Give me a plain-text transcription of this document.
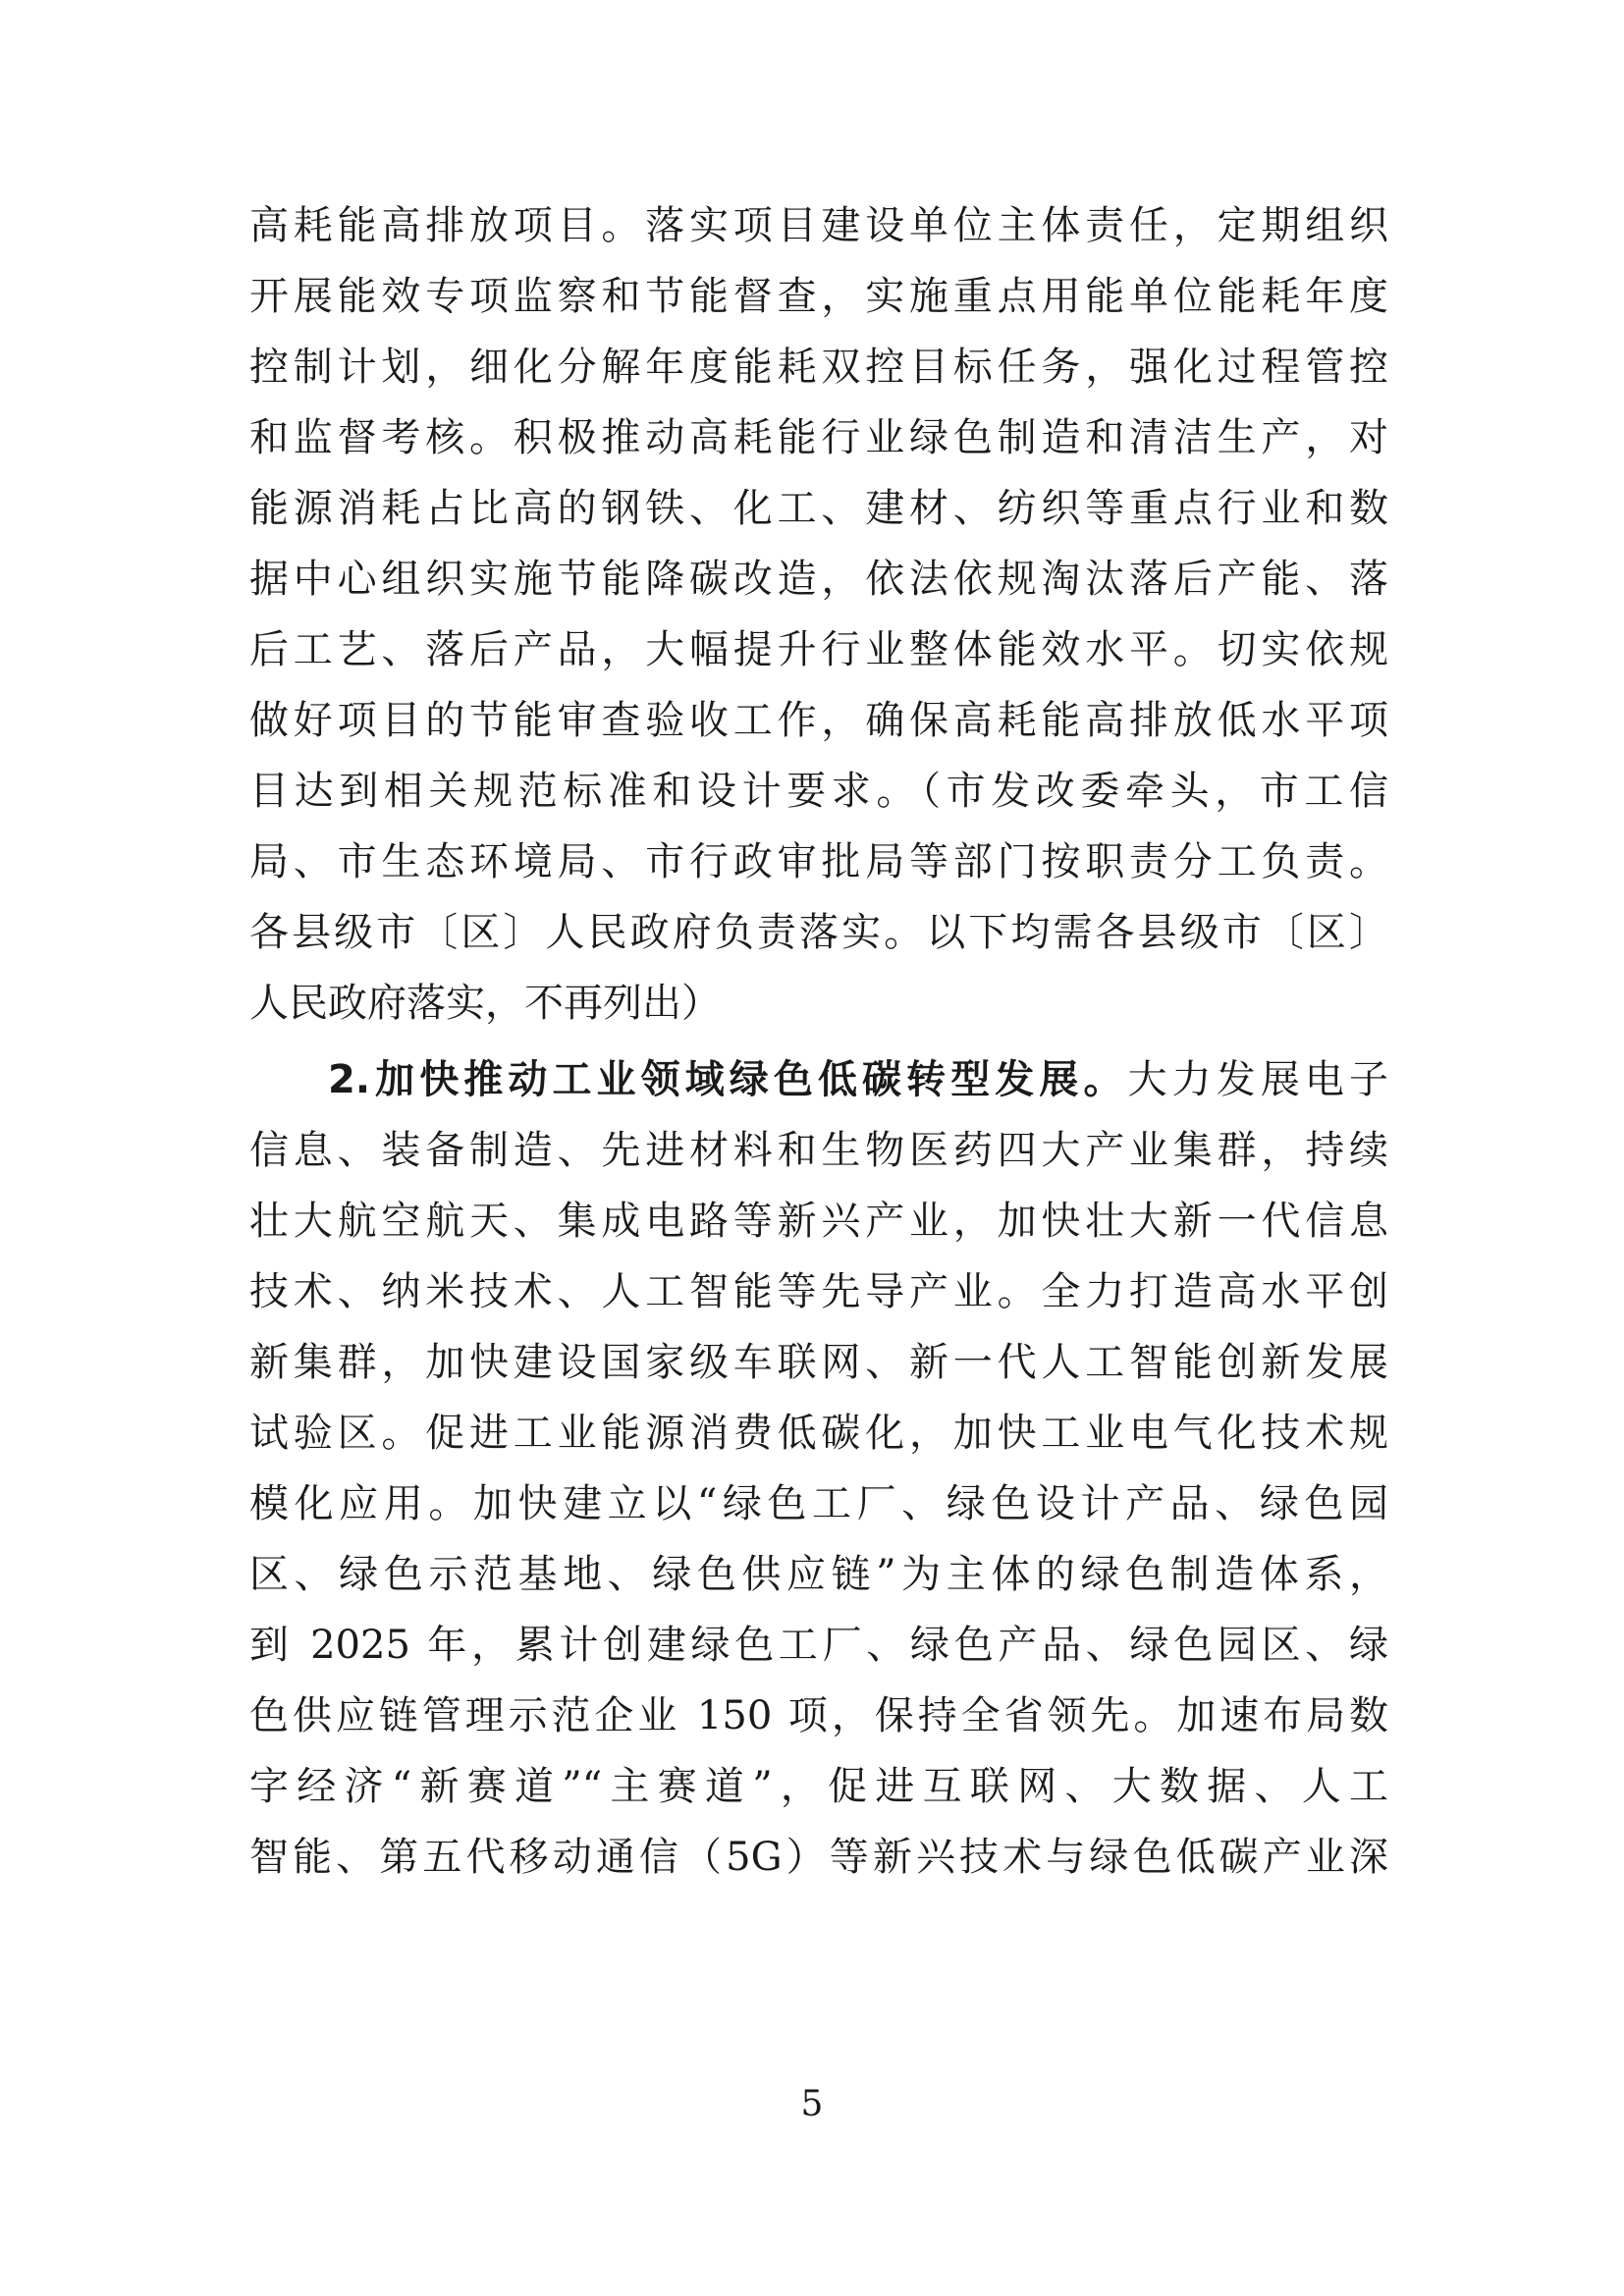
高耗能高排放项目。落实项目建设单位主体责任，定期组织
开展能效专项监察和节能督查，实施重点用能单位能耗年度
控制计划，细化分解年度能耗双控目标任务，强化过程管控
和监督考核。积极推动高耗能行业绿色制造和清洁生产，对
能源消耗占比高的钢铁、化工、建材、纺织等重点行业和数
据中心组织实施节能降碳改造，依法依规淘汰落后产能、落
后工艺、落后产品，大幅提升行业整体能效水平。切实依规
做好项目的节能审查验收工作，确保高耗能高排放低水平项
目达到相关规范标准和设计要求。（市发改委牵头，市工信
局、市生态环境局、市行政审批局等部门按职责分工负责。
各县级市〔区〕人民政府负责落实。以下均需各县级市〔区〕
人民政府落实，不再列出）
2.加快推动工业领域绿色低碳转型发展。大力发展电子
信息、装备制造、先进材料和生物医药四大产业集群，持续
壮大航空航天、集成电路等新兴产业，加快壮大新一代信息
技术、纳米技术、人工智能等先导产业。全力打造高水平创
新集群，加快建设国家级车联网、新一代人工智能创新发展
试验区。促进工业能源消费低碳化，加快工业电气化技术规
模化应用。加快建立以“绿色工厂、绿色设计产品、绿色园
区、绿色示范基地、绿色供应链”为主体的绿色制造体系，
到 2025 年，累计创建绿色工厂、绿色产品、绿色园区、绿
色供应链管理示范企业 150 项，保持全省领先。加速布局数
字经济“新赛道”“主赛道”，促进互联网、大数据、人工
智能、第五代移动通信（5G）等新兴技术与绿色低碳产业深
5
